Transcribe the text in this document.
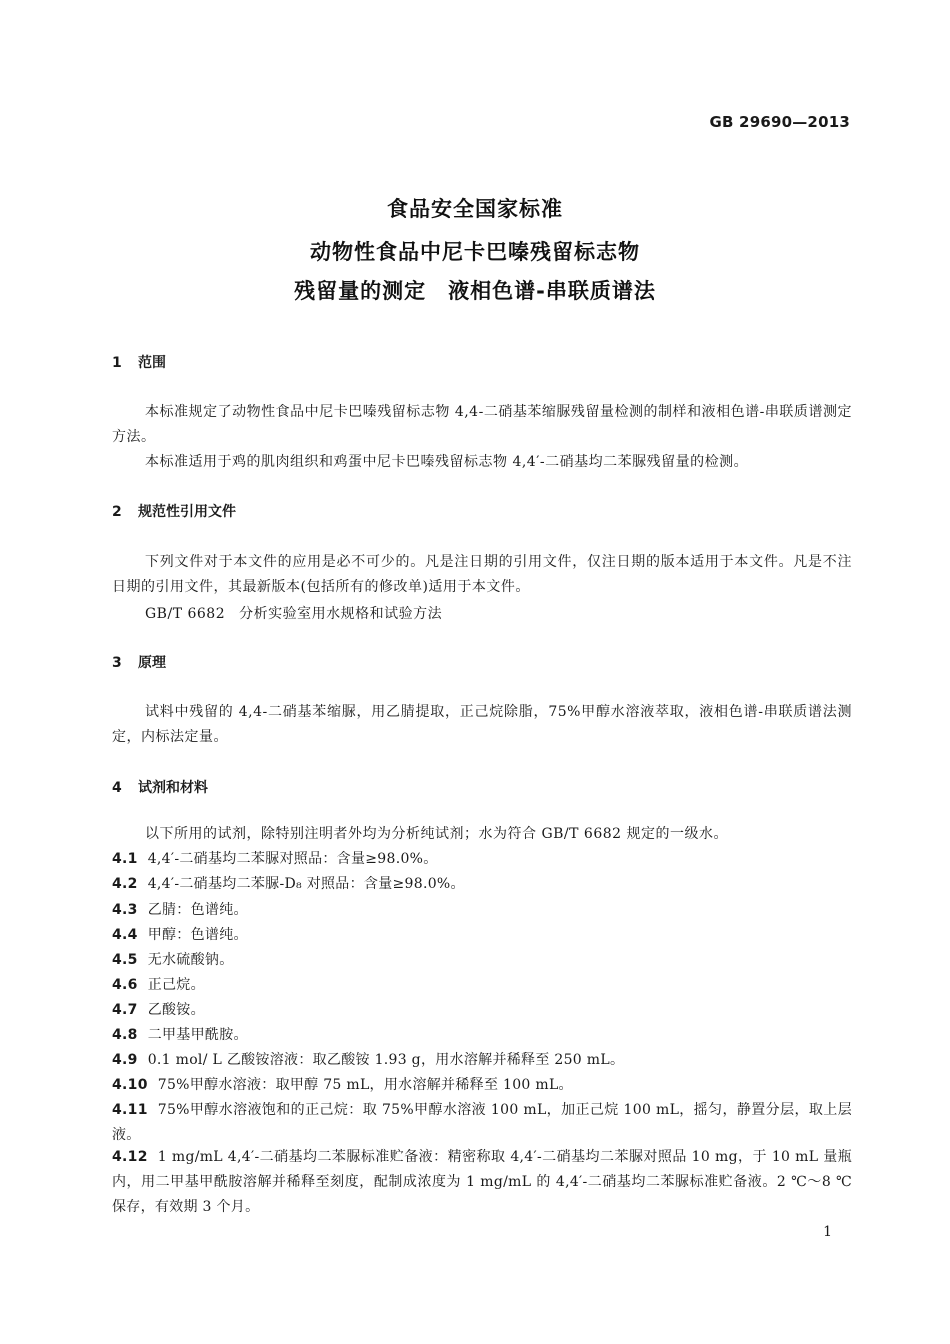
GB 29690—2013
食品安全国家标准
动物性食品中尼卡巴嗪残留标志物
残留量的测定　液相色谱-串联质谱法
1 范围
本标准规定了动物性食品中尼卡巴嗪残留标志物 4,4-二硝基苯缩脲残留量检测的制样和液相色谱-串联质谱测定方法。
本标准适用于鸡的肌肉组织和鸡蛋中尼卡巴嗪残留标志物 4,4′-二硝基均二苯脲残留量的检测。
2 规范性引用文件
下列文件对于本文件的应用是必不可少的。凡是注日期的引用文件，仅注日期的版本适用于本文件。凡是不注日期的引用文件，其最新版本(包括所有的修改单)适用于本文件。
GB/T 6682 分析实验室用水规格和试验方法
3 原理
试料中残留的 4,4-二硝基苯缩脲，用乙腈提取，正己烷除脂，75%甲醇水溶液萃取，液相色谱-串联质谱法测定，内标法定量。
4 试剂和材料
以下所用的试剂，除特别注明者外均为分析纯试剂；水为符合 GB/T 6682 规定的一级水。
4.1 4,4′-二硝基均二苯脲对照品：含量≥98.0%。
4.2 4,4′-二硝基均二苯脲-D₈ 对照品：含量≥98.0%。
4.3 乙腈：色谱纯。
4.4 甲醇：色谱纯。
4.5 无水硫酸钠。
4.6 正己烷。
4.7 乙酸铵。
4.8 二甲基甲酰胺。
4.9 0.1 mol/ L 乙酸铵溶液：取乙酸铵 1.93 g，用水溶解并稀释至 250 mL。
4.10 75%甲醇水溶液：取甲醇 75 mL，用水溶解并稀释至 100 mL。
4.11 75%甲醇水溶液饱和的正己烷：取 75%甲醇水溶液 100 mL，加正己烷 100 mL，摇匀，静置分层，取上层液。
4.12 1 mg/mL 4,4′-二硝基均二苯脲标准贮备液：精密称取 4,4′-二硝基均二苯脲对照品 10 mg，于 10 mL 量瓶内，用二甲基甲酰胺溶解并稀释至刻度，配制成浓度为 1 mg/mL 的 4,4′-二硝基均二苯脲标准贮备液。2 ℃～8 ℃保存，有效期 3 个月。
1
